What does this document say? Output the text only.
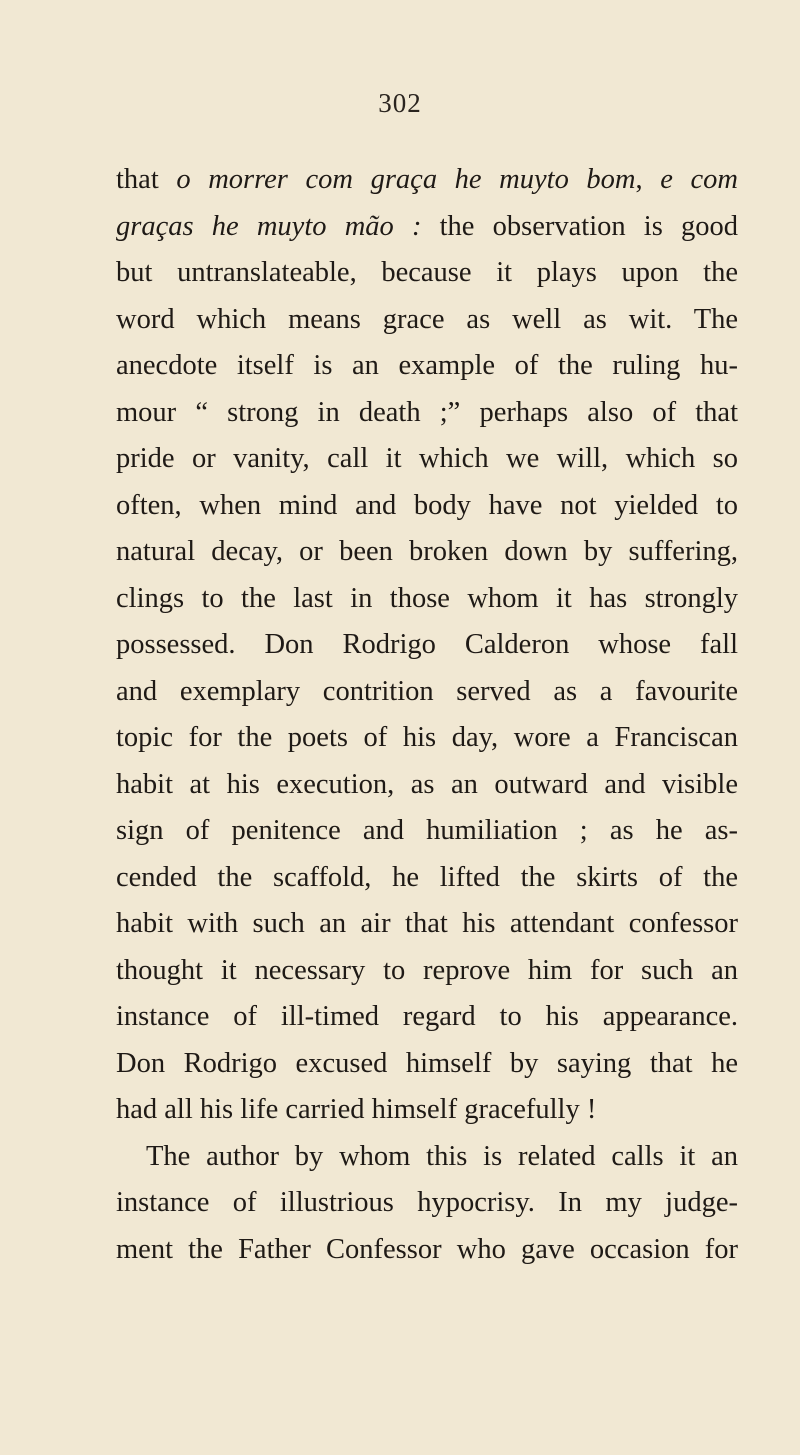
302
that o morrer com graça he muyto bom, e com
graças he muyto mão : the observation is good
but untranslateable, because it plays upon the
word which means grace as well as wit. The
anecdote itself is an example of the ruling hu-
mour “ strong in death ;” perhaps also of that
pride or vanity, call it which we will, which so
often, when mind and body have not yielded to
natural decay, or been broken down by suffering,
clings to the last in those whom it has strongly
possessed. Don Rodrigo Calderon whose fall
and exemplary contrition served as a favourite
topic for the poets of his day, wore a Franciscan
habit at his execution, as an outward and visible
sign of penitence and humiliation ; as he as-
cended the scaffold, he lifted the skirts of the
habit with such an air that his attendant confessor
thought it necessary to reprove him for such an
instance of ill-timed regard to his appearance.
Don Rodrigo excused himself by saying that he
had all his life carried himself gracefully !
The author by whom this is related calls it an
instance of illustrious hypocrisy. In my judge-
ment the Father Confessor who gave occasion for
